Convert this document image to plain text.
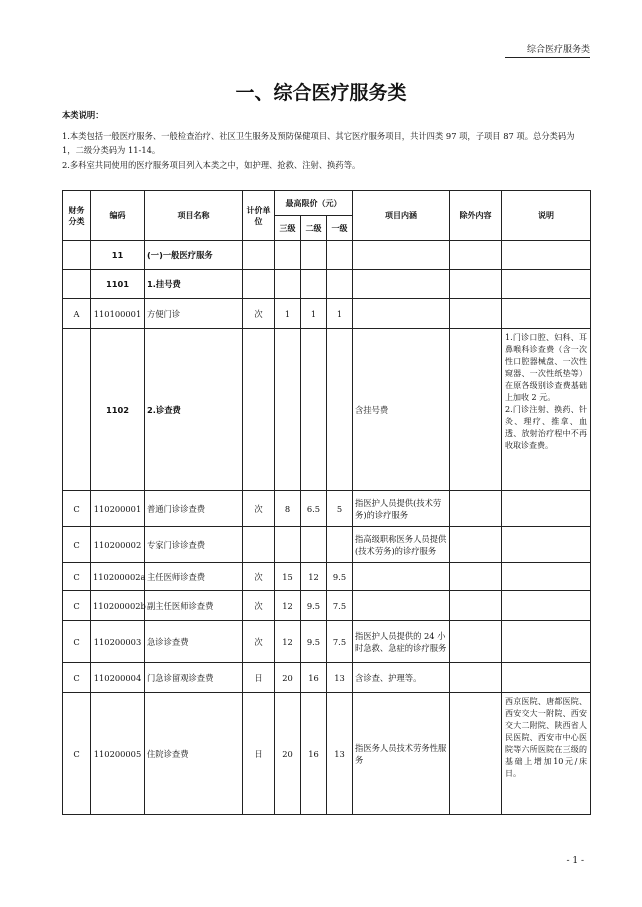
综合医疗服务类
一、综合医疗服务类
本类说明：

1.本类包括一般医疗服务、一般检查治疗、社区卫生服务及预防保健项目、其它医疗服务项目，共计四类 97 项，子项目 87 项。总分类码为 1，二级分类码为 11-14。

2.多科室共同使用的医疗服务项目列入本类之中，如护理、抢救、注射、换药等。

财务分类	编码	项目名称	计价单位	最高限价（元）			项目内涵	除外内容	说明
				三级	二级	一级			
	11	(一)一般医疗服务							
	1101	1.挂号费							
A	110100001	方便门诊	次	1	1	1			
	1102	2.诊查费					含挂号费		1.门诊口腔、妇科、耳鼻喉科诊查费（含一次性口腔器械盘、一次性窥器、一次性纸垫等）在原各级别诊查费基础上加收 2 元。
2.门诊注射、换药、针灸、理疗、推拿、血透、放射治疗程中不再收取诊查费。
C	110200001	普通门诊诊查费	次	8	6.5	5	指医护人员提供(技术劳务)的诊疗服务		
C	110200002	专家门诊诊查费					指高级职称医务人员提供(技术劳务)的诊疗服务		
C	110200002a	主任医师诊查费	次	15	12	9.5			
C	110200002b	副主任医师诊查费	次	12	9.5	7.5			
C	110200003	急诊诊查费	次	12	9.5	7.5	指医护人员提供的 24 小时急救、急症的诊疗服务		
C	110200004	门急诊留观诊查费	日	20	16	13	含诊查、护理等。		
C	110200005	住院诊查费	日	20	16	13	指医务人员技术劳务性服务		西京医院、唐都医院、西安交大一附院、西安交大二附院、陕西省人民医院、西安市中心医院等六所医院在三级的基础上增加10元/床日。
- 1 -
